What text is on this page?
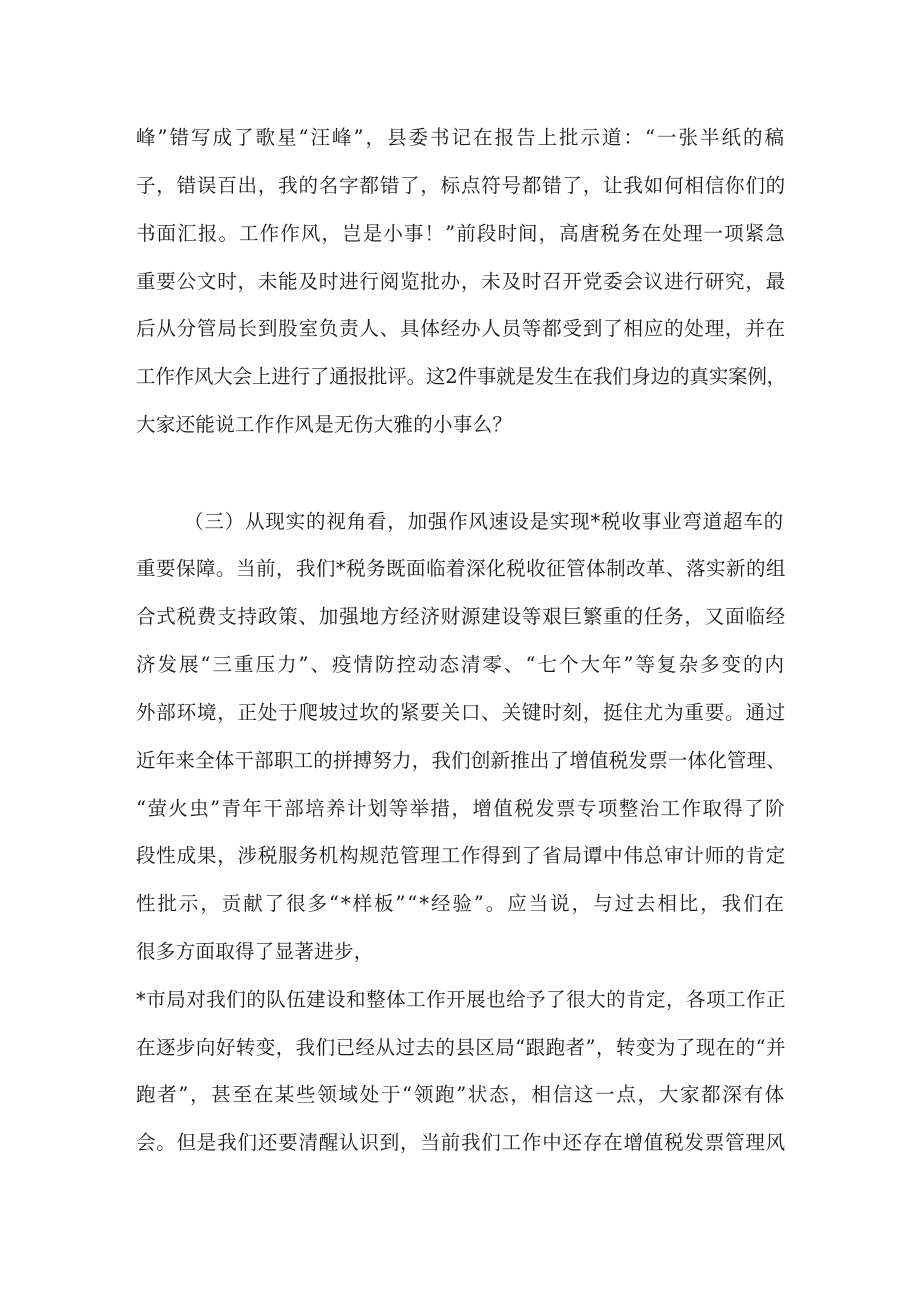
峰”错写成了歌星“汪峰”，县委书记在报告上批示道：“一张半纸的稿
子，错误百出，我的名字都错了，标点符号都错了，让我如何相信你们的
书面汇报。工作作风，岂是小事！”前段时间，高唐税务在处理一项紧急
重要公文时，未能及时进行阅览批办，未及时召开党委会议进行研究，最
后从分管局长到股室负责人、具体经办人员等都受到了相应的处理，并在
工作作风大会上进行了通报批评。这2件事就是发生在我们身边的真实案例，
大家还能说工作作风是无伤大雅的小事么？
（三）从现实的视角看，加强作风速设是实现*税收事业弯道超车的
重要保障。当前，我们*税务既面临着深化税收征管体制改革、落实新的组
合式税费支持政策、加强地方经济财源建设等艰巨繁重的任务，又面临经
济发展“三重压力”、疫情防控动态清零、“七个大年”等复杂多变的内
外部环境，正处于爬坡过坎的紧要关口、关键时刻，挺住尤为重要。通过
近年来全体干部职工的拼搏努力，我们创新推出了增值税发票一体化管理、
“萤火虫”青年干部培养计划等举措，增值税发票专项整治工作取得了阶
段性成果，涉税服务机构规范管理工作得到了省局谭中伟总审计师的肯定
性批示，贡献了很多“*样板”“*经验”。应当说，与过去相比，我们在
很多方面取得了显著进步，
*市局对我们的队伍建设和整体工作开展也给予了很大的肯定，各项工作正
在逐步向好转变，我们已经从过去的县区局“跟跑者”，转变为了现在的“并
跑者”，甚至在某些领域处于“领跑”状态，相信这一点，大家都深有体
会。但是我们还要清醒认识到，当前我们工作中还存在增值税发票管理风
